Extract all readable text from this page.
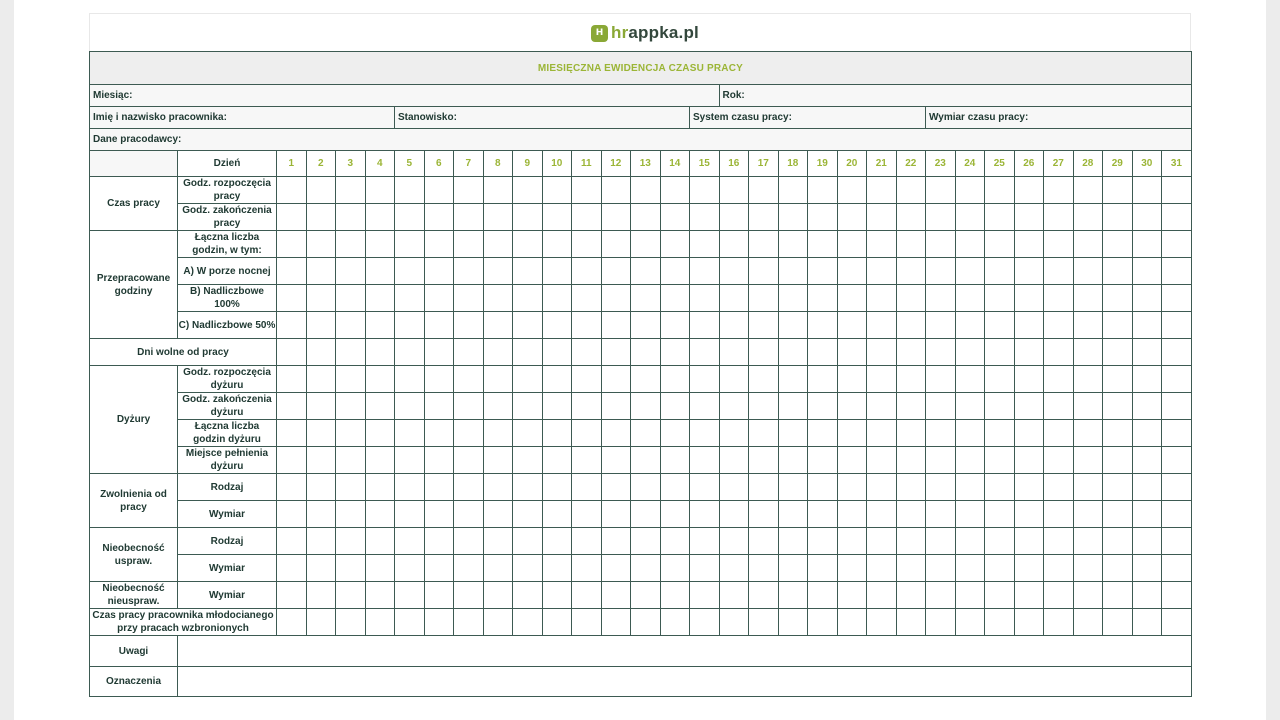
H hrappka.pl
MIESIĘCZNA EWIDENCJA CZASU PRACY																																
Miesiąc:																	Rok:															
Imię i nazwisko pracownika:						Stanowisko:										System czasu pracy:								Wymiar czasu pracy:								
Dane pracodawcy:																																
	Dzień	1	2	3	4	5	6	7	8	9	10	11	12	13	14	15	16	17	18	19	20	21	22	23	24	25	26	27	28	29	30	31
Czas pracy	Godz. rozpoczęcia pracy																															
	Godz. zakończenia pracy																															
Przepracowane godziny	Łączna liczba godzin, w tym:																															
	A) W porze nocnej																															
	B) Nadliczbowe 100%																															
	C) Nadliczbowe 50%																															
Dni wolne od pracy																																
Dyżury	Godz. rozpoczęcia dyżuru																															
	Godz. zakończenia dyżuru																															
	Łączna liczba godzin dyżuru																															
	Miejsce pełnienia dyżuru																															
Zwolnienia od pracy	Rodzaj																															
	Wymiar																															
Nieobecność uspraw.	Rodzaj																															
	Wymiar																															
Nieobecność nieuspraw.	Wymiar																															
Czas pracy pracownika młodocianego przy pracach wzbronionych																																
Uwagi																																
Oznaczenia																																
